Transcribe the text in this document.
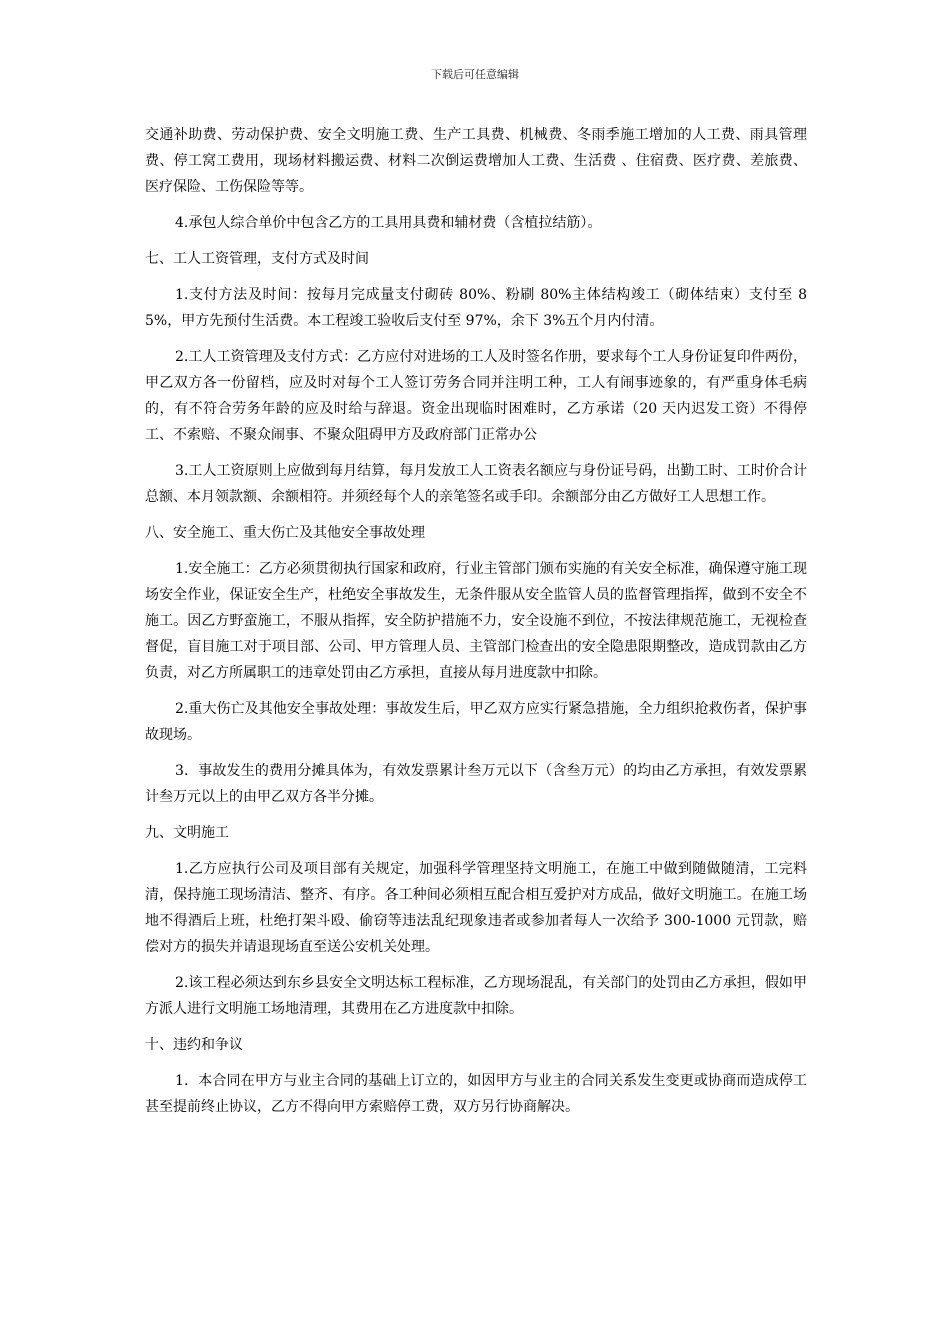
下载后可任意编辑

交通补助费、劳动保护费、安全文明施工费、生产工具费、机械费、冬雨季施工增加的人工费、雨具管理费、停工窝工费用，现场材料搬运费、材料二次倒运费增加人工费、生活费 、住宿费、医疗费、差旅费、医疗保险、工伤保险等等。

4.承包人综合单价中包含乙方的工具用具费和辅材费（含植拉结筋）。

七、工人工资管理，支付方式及时间

1.支付方法及时间：按每月完成量支付砌砖 80%、粉刷 80%主体结构竣工（砌体结束）支付至 85%，甲方先预付生活费。本工程竣工验收后支付至 97%，余下 3%五个月内付清。

2.工人工资管理及支付方式：乙方应付对进场的工人及时签名作册，要求每个工人身份证复印件两份，甲乙双方各一份留档，应及时对每个工人签订劳务合同并注明工种，工人有闹事迹象的，有严重身体毛病的，有不符合劳务年龄的应及时给与辞退。资金出现临时困难时，乙方承诺（20 天内迟发工资）不得停工、不索赔、不聚众闹事、不聚众阻碍甲方及政府部门正常办公

3.工人工资原则上应做到每月结算，每月发放工人工资表名额应与身份证号码，出勤工时、工时价合计总额、本月领款额、余额相符。并须经每个人的亲笔签名或手印。余额部分由乙方做好工人思想工作。

八、安全施工、重大伤亡及其他安全事故处理

1.安全施工：乙方必须贯彻执行国家和政府，行业主管部门颁布实施的有关安全标准，确保遵守施工现场安全作业，保证安全生产，杜绝安全事故发生，无条件服从安全监管人员的监督管理指挥，做到不安全不施工。因乙方野蛮施工，不服从指挥，安全防护措施不力，安全设施不到位，不按法律规范施工，无视检查督促，盲目施工对于项目部、公司、甲方管理人员、主管部门检查出的安全隐患限期整改，造成罚款由乙方负责，对乙方所属职工的违章处罚由乙方承担，直接从每月进度款中扣除。

2.重大伤亡及其他安全事故处理：事故发生后，甲乙双方应实行紧急措施，全力组织抢救伤者，保护事故现场。

3．事故发生的费用分摊具体为，有效发票累计叁万元以下（含叁万元）的均由乙方承担，有效发票累计叁万元以上的由甲乙双方各半分摊。

九、文明施工

1.乙方应执行公司及项目部有关规定，加强科学管理坚持文明施工，在施工中做到随做随清，工完料清，保持施工现场清洁、整齐、有序。各工种间必须相互配合相互爱护对方成品，做好文明施工。在施工场地不得酒后上班，杜绝打架斗殴、偷窃等违法乱纪现象违者或参加者每人一次给予 300-1000 元罚款，赔偿对方的损失并请退现场直至送公安机关处理。

2.该工程必须达到东乡县安全文明达标工程标准，乙方现场混乱，有关部门的处罚由乙方承担，假如甲方派人进行文明施工场地清理，其费用在乙方进度款中扣除。

十、违约和争议

1．本合同在甲方与业主合同的基础上订立的，如因甲方与业主的合同关系发生变更或协商而造成停工甚至提前终止协议，乙方不得向甲方索赔停工费，双方另行协商解决。
